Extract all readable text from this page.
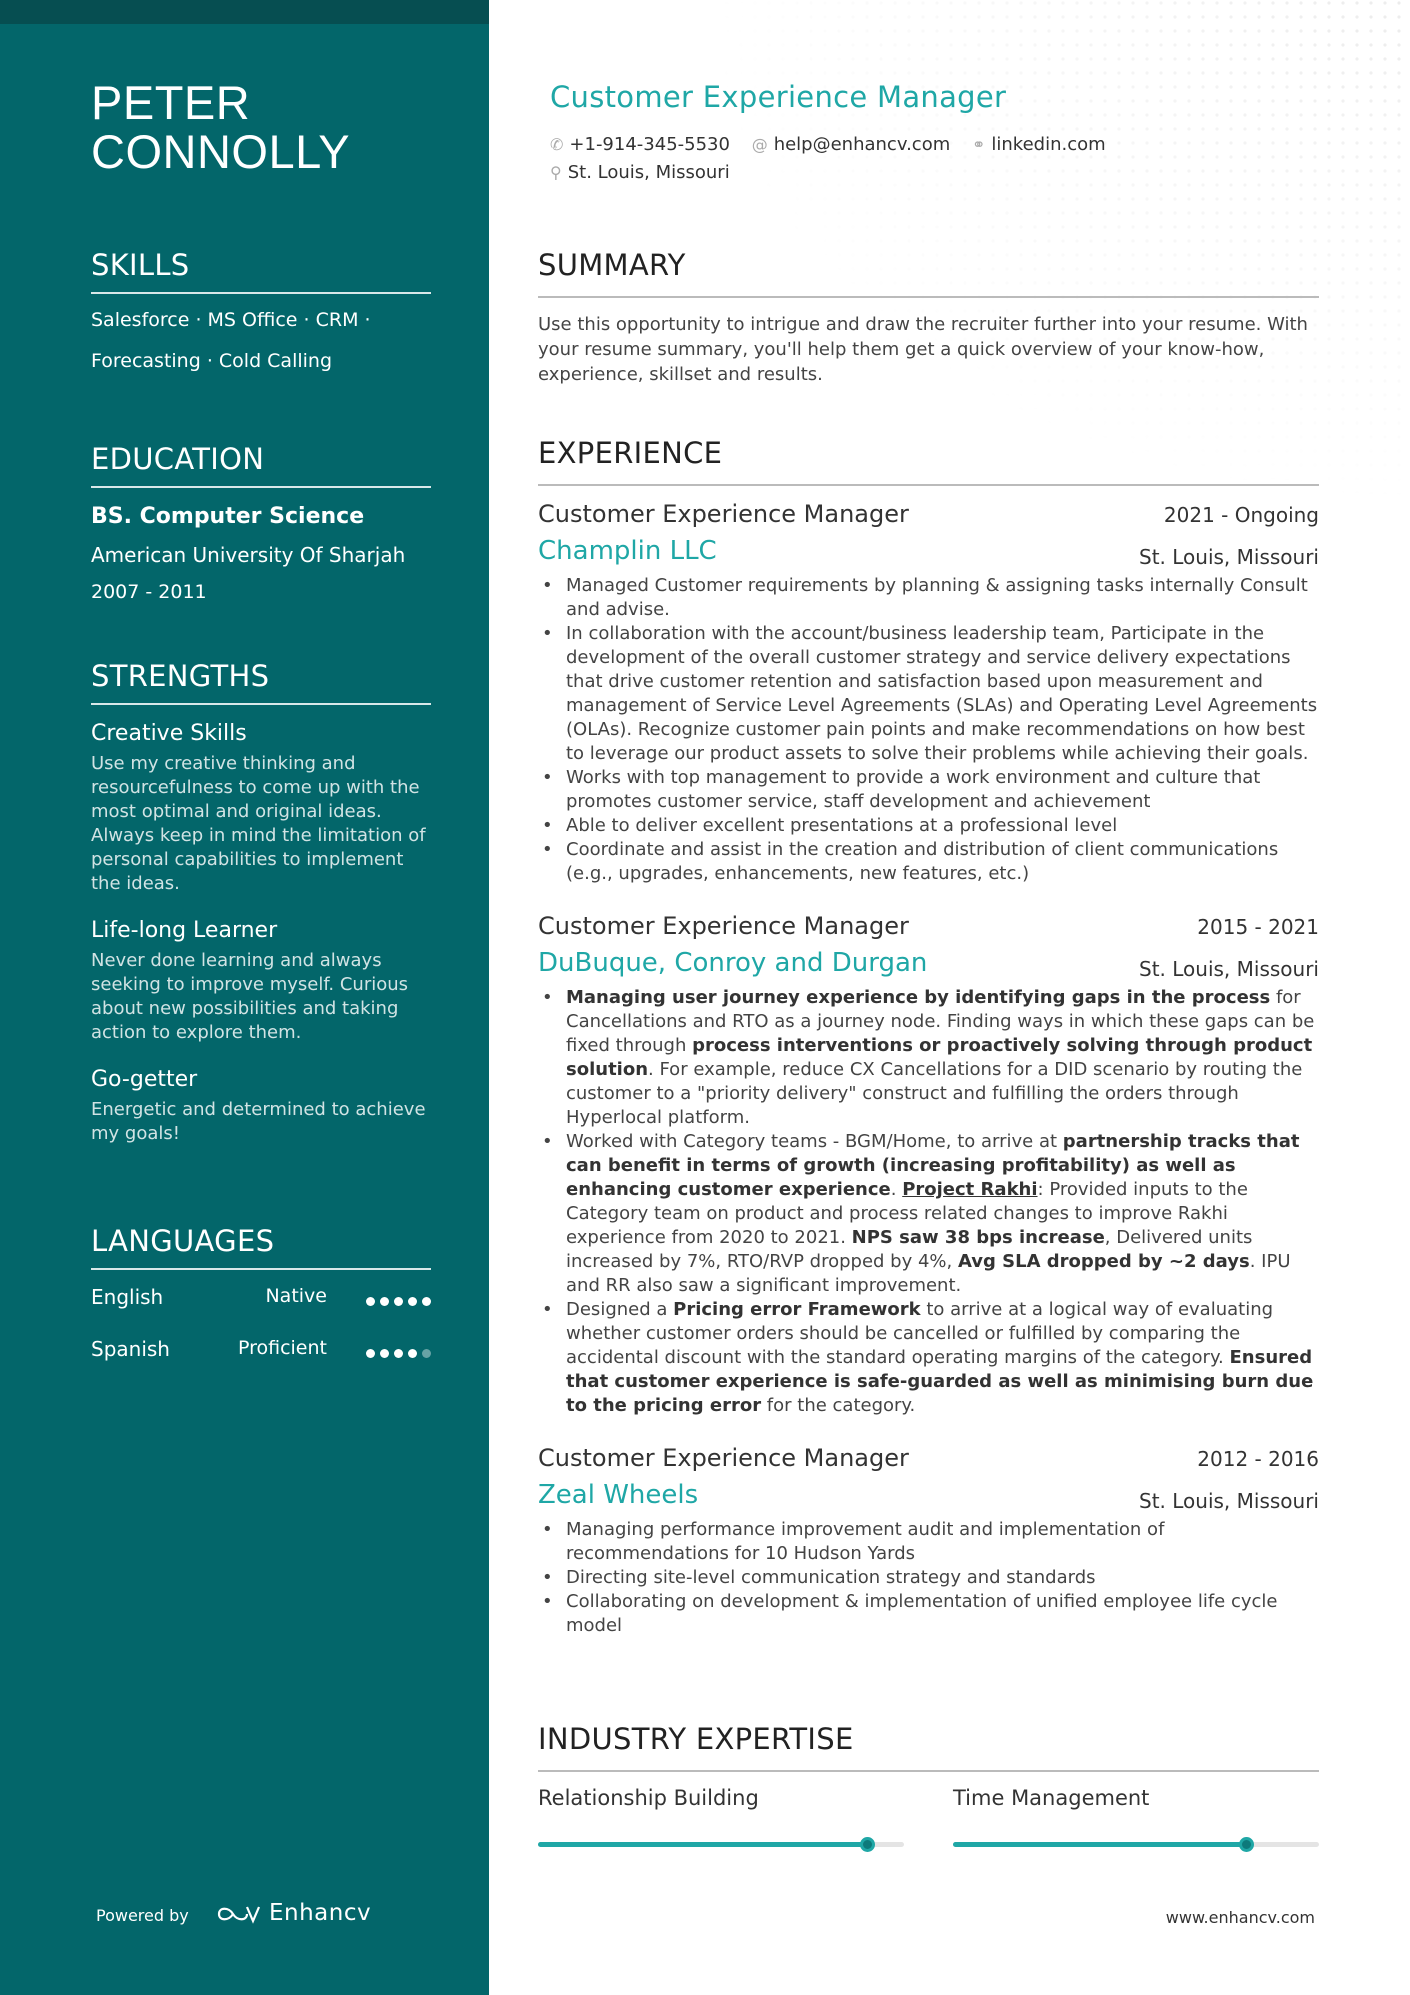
PETER CONNOLLY
SKILLS
Salesforce · MS Office · CRM ·
Forecasting · Cold Calling
EDUCATION
BS. Computer Science
American University Of Sharjah
2007 - 2011
STRENGTHS
Creative Skills
Use my creative thinking and resourcefulness to come up with the most optimal and original ideas. Always keep in mind the limitation of personal capabilities to implement the ideas.
Life-long Learner
Never done learning and always seeking to improve myself. Curious about new possibilities and taking action to explore them.
Go-getter
Energetic and determined to achieve my goals!
LANGUAGES
English	Native
Spanish	Proficient
Powered by	Enhancv
Customer Experience Manager
✆ +1-914-345-5530 @ help@enhancv.com ⚭ linkedin.com
⚲ St. Louis, Missouri
SUMMARY
Use this opportunity to intrigue and draw the recruiter further into your resume. With your resume summary, you'll help them get a quick overview of your know-how, experience, skillset and results.
EXPERIENCE
Customer Experience Manager	2021 - Ongoing
Champlin LLC	St. Louis, Missouri
• Managed Customer requirements by planning & assigning tasks internally Consult and advise.
• In collaboration with the account/business leadership team, Participate in the development of the overall customer strategy and service delivery expectations that drive customer retention and satisfaction based upon measurement and management of Service Level Agreements (SLAs) and Operating Level Agreements (OLAs). Recognize customer pain points and make recommendations on how best to leverage our product assets to solve their problems while achieving their goals.
• Works with top management to provide a work environment and culture that promotes customer service, staff development and achievement
• Able to deliver excellent presentations at a professional level
• Coordinate and assist in the creation and distribution of client communications (e.g., upgrades, enhancements, new features, etc.)
Customer Experience Manager	2015 - 2021
DuBuque, Conroy and Durgan	St. Louis, Missouri
• Managing user journey experience by identifying gaps in the process for Cancellations and RTO as a journey node. Finding ways in which these gaps can be fixed through process interventions or proactively solving through product solution. For example, reduce CX Cancellations for a DID scenario by routing the customer to a "priority delivery" construct and fulfilling the orders through Hyperlocal platform.
• Worked with Category teams - BGM/Home, to arrive at partnership tracks that can benefit in terms of growth (increasing profitability) as well as enhancing customer experience. Project Rakhi: Provided inputs to the Category team on product and process related changes to improve Rakhi experience from 2020 to 2021. NPS saw 38 bps increase, Delivered units increased by 7%, RTO/RVP dropped by 4%, Avg SLA dropped by ~2 days. IPU and RR also saw a significant improvement.
• Designed a Pricing error Framework to arrive at a logical way of evaluating whether customer orders should be cancelled or fulfilled by comparing the accidental discount with the standard operating margins of the category. Ensured that customer experience is safe-guarded as well as minimising burn due to the pricing error for the category.
Customer Experience Manager	2012 - 2016
Zeal Wheels	St. Louis, Missouri
• Managing performance improvement audit and implementation of recommendations for 10 Hudson Yards
• Directing site-level communication strategy and standards
• Collaborating on development & implementation of unified employee life cycle model
INDUSTRY EXPERTISE
Relationship Building	Time Management
www.enhancv.com
